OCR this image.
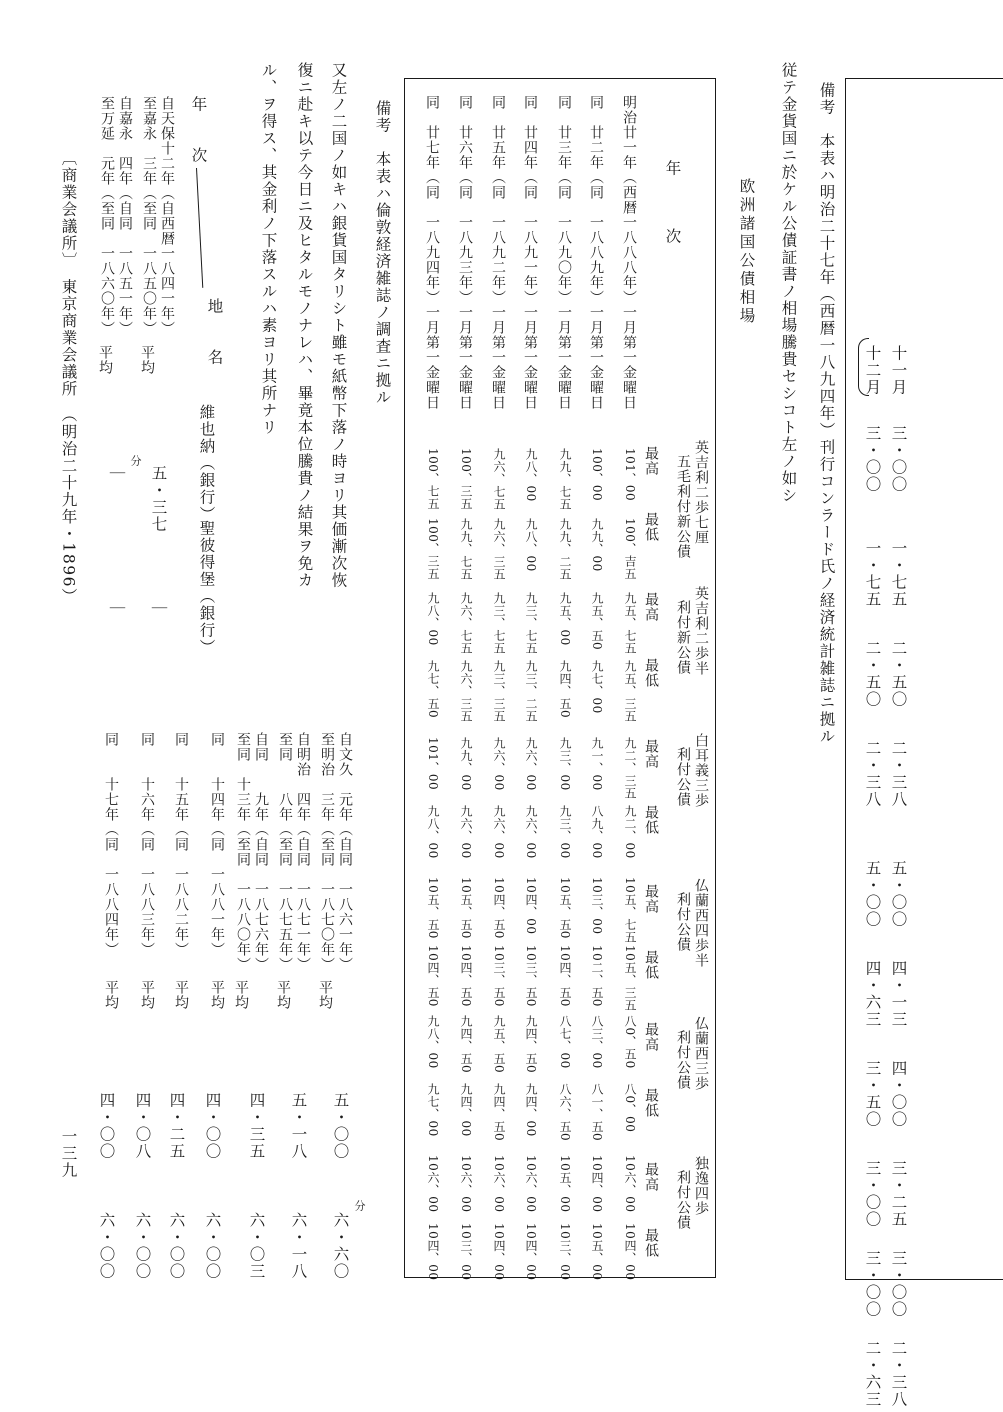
備考　本表ハ明治二十七年（西暦一八九四年）刊行コンラード氏ノ経済統計雑誌ニ拠ル	十一月
十二月
三・〇〇
三・〇〇
一・七五
一・七五
二・五〇
二・五〇
二・三八
二・三八
五・〇〇
五・〇〇
四・一三
四・六三
四・〇〇
三・五〇
三・二五
三・〇〇
三・〇〇
三・〇〇
二・三八
二・六三
従テ金貨国ニ於ケル公債証書ノ相場騰貴セシコト左ノ如シ
欧洲諸国公債相場
年　　　次
明治廿一年（西暦一八八八年）一月第一金曜日
同　廿二年（同　一八八九年）一月第一金曜日
同　廿三年（同　一八九〇年）一月第一金曜日
同　廿四年（同　一八九一年）一月第一金曜日
同　廿五年（同　一八九二年）一月第一金曜日
同　廿六年（同　一八九三年）一月第一金曜日
同　廿七年（同　一八九四年）一月第一金曜日
英吉利二歩七厘
五毛利付新公債
最高
最低
英吉利二歩半
利付新公債
最高
最低
白耳義三歩
利付公債
最高
最低
仏蘭西四歩半
利付公債
最高
最低
仏蘭西三歩
利付公債
最高
最低
独逸四歩
利付公債
最高
最低
101、00
100、吉五
九五、七五
九五、三五
九二、三五
九二、00
10五、七五
10五、三五
八0、五0
八0、00
10六、00
10四、00
100、00
九九、00
九五、五0
九七、00
九一、00
八九、00
10三、00
10二、五0
八三、00
八一、五0
10四、00
10五、00
九九、七五
九九、二五
九五、00
九四、五0
九三、00
九三、00
10五、五0
10四、五0
八七、00
八六、五0
10五、00
10三、00
九八、00
九八、00
九三、七五
九三、二五
九六、00
九六、00
10四、00
10三、五0
九四、五0
九四、00
10六、00
10四、00
九六、七五
九六、三五
九三、七五
九三、三五
九六、00
九六、00
10四、五0
10三、五0
九五、五0
九四、五0
10六、00
10四、00
100、三五
九九、七五
九六、七五
九六、三五
九九、00
九六、00
10五、五0
10四、五0
九四、五0
九四、00
10六、00
10三、00
100、七五
100、三五
九八、00
九七、五0
101、00
九八、00
10五、五0
10四、五0
九八、00
九七、00
10六、00
10四、00
備考　本表ハ倫敦経済雑誌ノ調査ニ拠ル
又左ノ二国ノ如キハ銀貨国タリシト雖モ紙幣下落ノ時ヨリ其価漸次恢
復ニ赴キ以テ今日ニ及ヒタルモノナレハ、畢竟本位騰貴ノ結果ヲ免カ
ル、ヲ得ス、其金利ノ下落スルハ素ヨリ其所ナリ
年　　次
地　　名
維也納（銀行）
聖彼得堡（銀行）
自天保十二年（自西暦一八四一年）
至嘉永　三年（至同　一八五〇年）
平均
五・三七
｜
自嘉永　四年（自同　一八五一年）
至万延　元年（至同　一八六〇年）
平均
｜
｜
分
自文久　元年（自同　一八六一年）
至明治　三年（至同　一八七〇年）
平均
五・〇〇
六・六〇
自明治　四年（自同　一八七一年）
至同　　八年（至同　一八七五年）
平均
五・一八
六・一八
自同　　九年（自同　一八七六年）
至同　十三年（至同　一八八〇年）
平均
四・三五
六・〇三
同　　十四年（同　一八八一年）
平均
四・〇〇
六・〇〇
同　　十五年（同　一八八二年）
平均
四・二五
六・〇〇
同　　十六年（同　一八八三年）
平均
四・〇八
六・〇〇
同　　十七年（同　一八八四年）
平均
四・〇〇
六・〇〇
分
〔商業会議所〕　東京商業会議所　（明治二十九年・1896）
一三九
